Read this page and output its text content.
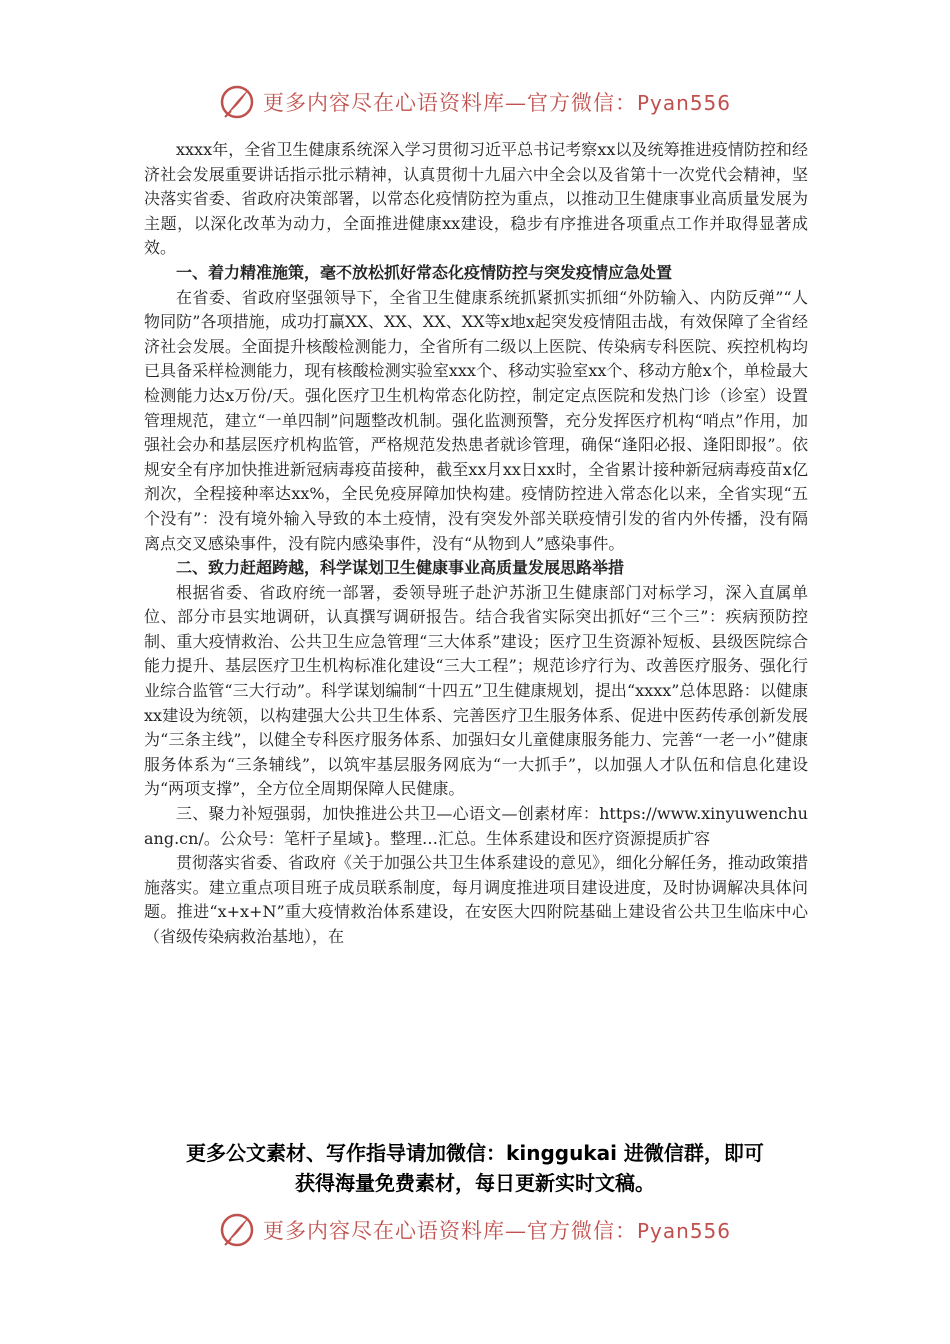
更多内容尽在心语资料库—官方微信：Pyan556

xxxx年，全省卫生健康系统深入学习贯彻习近平总书记考察xx以及统筹推进疫情防控和经济社会发展重要讲话指示批示精神，认真贯彻十九届六中全会以及省第十一次党代会精神，坚决落实省委、省政府决策部署，以常态化疫情防控为重点，以推动卫生健康事业高质量发展为主题，以深化改革为动力，全面推进健康xx建设，稳步有序推进各项重点工作并取得显著成效。

一、着力精准施策，毫不放松抓好常态化疫情防控与突发疫情应急处置

在省委、省政府坚强领导下，全省卫生健康系统抓紧抓实抓细“外防输入、内防反弹”“人物同防”各项措施，成功打赢XX、XX、XX、XX等x地x起突发疫情阻击战，有效保障了全省经济社会发展。全面提升核酸检测能力，全省所有二级以上医院、传染病专科医院、疾控机构均已具备采样检测能力，现有核酸检测实验室xxx个、移动实验室xx个、移动方舱x个，单检最大检测能力达x万份/天。强化医疗卫生机构常态化防控，制定定点医院和发热门诊（诊室）设置管理规范，建立“一单四制”问题整改机制。强化监测预警，充分发挥医疗机构“哨点”作用，加强社会办和基层医疗机构监管，严格规范发热患者就诊管理，确保“逢阳必报、逢阳即报”。依规安全有序加快推进新冠病毒疫苗接种，截至xx月xx日xx时，全省累计接种新冠病毒疫苗x亿剂次，全程接种率达xx%，全民免疫屏障加快构建。疫情防控进入常态化以来，全省实现“五个没有”：没有境外输入导致的本土疫情，没有突发外部关联疫情引发的省内外传播，没有隔离点交叉感染事件，没有院内感染事件，没有“从物到人”感染事件。

二、致力赶超跨越，科学谋划卫生健康事业高质量发展思路举措

根据省委、省政府统一部署，委领导班子赴沪苏浙卫生健康部门对标学习，深入直属单位、部分市县实地调研，认真撰写调研报告。结合我省实际突出抓好“三个三”：疾病预防控制、重大疫情救治、公共卫生应急管理“三大体系”建设；医疗卫生资源补短板、县级医院综合能力提升、基层医疗卫生机构标准化建设“三大工程”；规范诊疗行为、改善医疗服务、强化行业综合监管“三大行动”。科学谋划编制“十四五”卫生健康规划，提出“xxxx”总体思路：以健康xx建设为统领，以构建强大公共卫生体系、完善医疗卫生服务体系、促进中医药传承创新发展为“三条主线”，以健全专科医疗服务体系、加强妇女儿童健康服务能力、完善“一老一小”健康服务体系为“三条辅线”，以筑牢基层服务网底为“一大抓手”，以加强人才队伍和信息化建设为“两项支撑”，全方位全周期保障人民健康。

三、聚力补短强弱，加快推进公共卫—心语文—创素材库：https://www.xinyuwenchuang.cn/。公众号：笔杆子星域}。整理…汇总。生体系建设和医疗资源提质扩容

贯彻落实省委、省政府《关于加强公共卫生体系建设的意见》，细化分解任务，推动政策措施落实。建立重点项目班子成员联系制度，每月调度推进项目建设进度，及时协调解决具体问题。推进“x+x+N”重大疫情救治体系建设，在安医大四附院基础上建设省公共卫生临床中心（省级传染病救治基地），在

更多公文素材、写作指导请加微信：kinggukai 进微信群，即可
获得海量免费素材，每日更新实时文稿。
更多内容尽在心语资料库—官方微信：Pyan556
